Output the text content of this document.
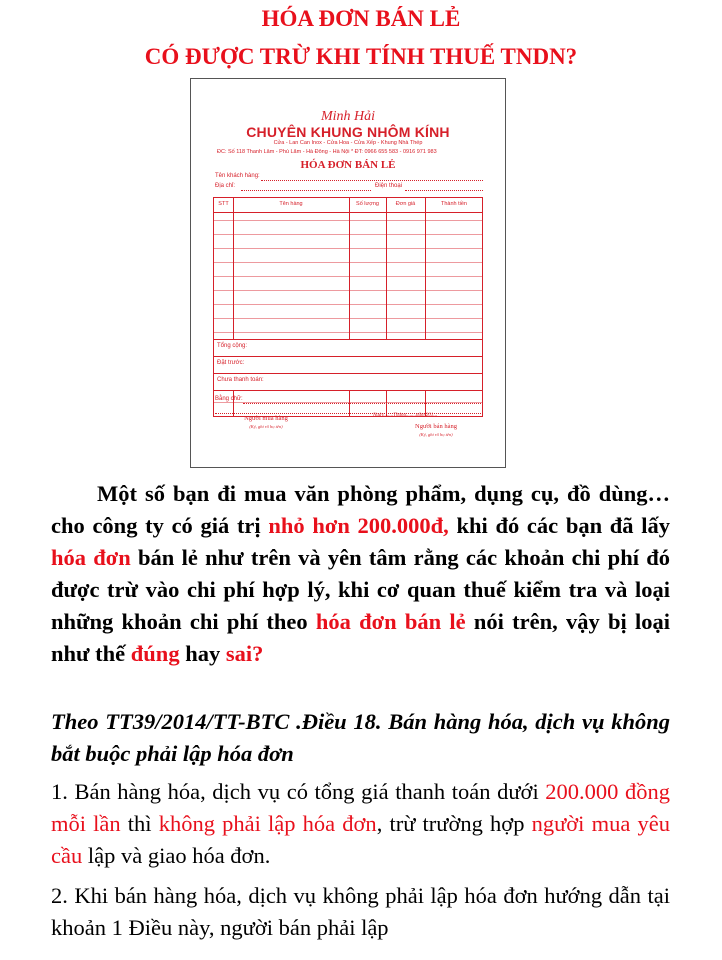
HÓA ĐƠN BÁN LẺ
CÓ ĐƯỢC TRỪ KHI TÍNH THUẾ TNDN?
Minh Hải
CHUYÊN KHUNG NHÔM KÍNH
Cửa - Lan Can Inox - Cửa Hoa - Cửa Xếp - Khung Nhà Thép
ĐC: Số 118 Thanh Lâm - Phú Lãm - Hà Đông - Hà Nội * ĐT: 0966 655 583 - 0916 971 983
HÓA ĐƠN BÁN LẺ
Tên khách hàng:
Địa chỉ:	Điện thoại
STT	Tên hàng	Số lượng	Đơn giá	Thành tiền
Tổng cộng:
Đặt trước:
Chưa thanh toán:
Bằng chữ:
Ngày........Tháng........năm 201...
Người mua hàng
(Ký, ghi rõ họ tên)	Người bán hàng
(Ký, ghi rõ họ tên)

Một số bạn đi mua văn phòng phẩm, dụng cụ, đồ dùng… cho công ty có giá trị nhỏ hơn 200.000đ, khi đó các bạn đã lấy hóa đơn bán lẻ như trên và yên tâm rằng các khoản chi phí đó được trừ vào chi phí hợp lý, khi cơ quan thuế kiểm tra và loại những khoản chi phí theo hóa đơn bán lẻ nói trên, vậy bị loại như thế đúng hay sai?

Theo TT39/2014/TT-BTC .Điều 18. Bán hàng hóa, dịch vụ không bắt buộc phải lập hóa đơn

1. Bán hàng hóa, dịch vụ có tổng giá thanh toán dưới 200.000 đồng mỗi lần thì không phải lập hóa đơn, trừ trường hợp người mua yêu cầu lập và giao hóa đơn.

2. Khi bán hàng hóa, dịch vụ không phải lập hóa đơn hướng dẫn tại khoản 1 Điều này, người bán phải lập
